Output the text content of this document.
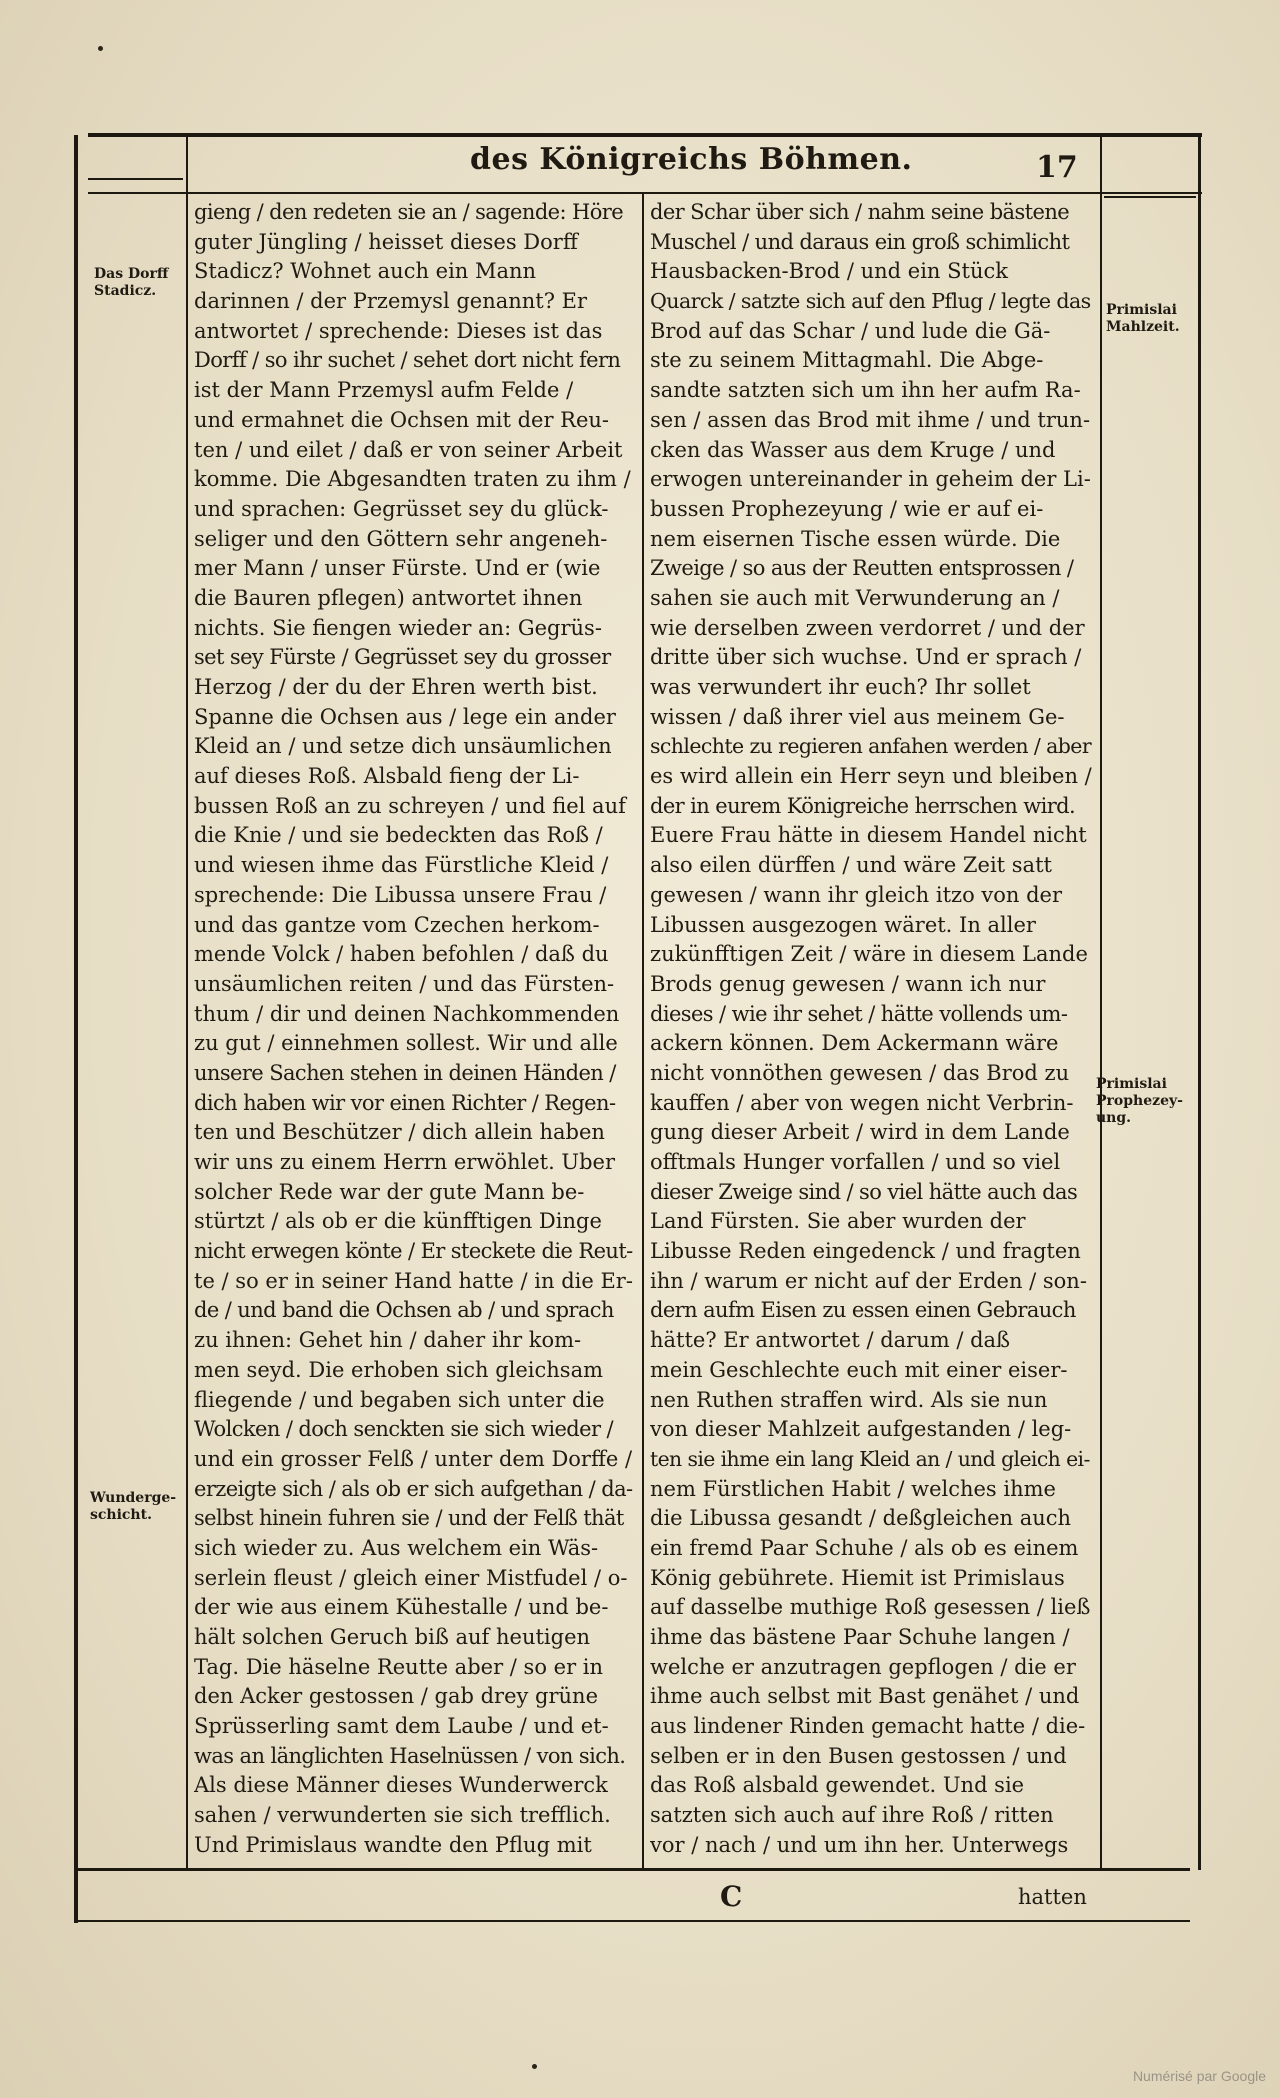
des Königreichs Böhmen.	17
Das Dorff
Stadicz.
Primislai
Mahlzeit.
Primislai
Prophezey-
ung.
Wunderge-
schicht.
gieng / den redeten sie an / sagende: Höre
guter Jüngling / heisset dieses Dorff
Stadicz? Wohnet auch ein Mann
darinnen / der Przemysl genannt? Er
antwortet / sprechende: Dieses ist das
Dorff / so ihr suchet / sehet dort nicht fern
ist der Mann Przemysl aufm Felde /
und ermahnet die Ochsen mit der Reu-
ten / und eilet / daß er von seiner Arbeit
komme. Die Abgesandten traten zu ihm /
und sprachen: Gegrüsset sey du glück-
seliger und den Göttern sehr angeneh-
mer Mann / unser Fürste. Und er (wie
die Bauren pflegen) antwortet ihnen
nichts. Sie fiengen wieder an: Gegrüs-
set sey Fürste / Gegrüsset sey du grosser
Herzog / der du der Ehren werth bist.
Spanne die Ochsen aus / lege ein ander
Kleid an / und setze dich unsäumlichen
auf dieses Roß. Alsbald fieng der Li-
bussen Roß an zu schreyen / und fiel auf
die Knie / und sie bedeckten das Roß /
und wiesen ihme das Fürstliche Kleid /
sprechende: Die Libussa unsere Frau /
und das gantze vom Czechen herkom-
mende Volck / haben befohlen / daß du
unsäumlichen reiten / und das Fürsten-
thum / dir und deinen Nachkommenden
zu gut / einnehmen sollest. Wir und alle
unsere Sachen stehen in deinen Händen /
dich haben wir vor einen Richter / Regen-
ten und Beschützer / dich allein haben
wir uns zu einem Herrn erwöhlet. Uber
solcher Rede war der gute Mann be-
stürtzt / als ob er die künfftigen Dinge
nicht erwegen könte / Er steckete die Reut-
te / so er in seiner Hand hatte / in die Er-
de / und band die Ochsen ab / und sprach
zu ihnen: Gehet hin / daher ihr kom-
men seyd. Die erhoben sich gleichsam
fliegende / und begaben sich unter die
Wolcken / doch senckten sie sich wieder /
und ein grosser Felß / unter dem Dorffe /
erzeigte sich / als ob er sich aufgethan / da-
selbst hinein fuhren sie / und der Felß thät
sich wieder zu. Aus welchem ein Wäs-
serlein fleust / gleich einer Mistfudel / o-
der wie aus einem Kühestalle / und be-
hält solchen Geruch biß auf heutigen
Tag. Die häselne Reutte aber / so er in
den Acker gestossen / gab drey grüne
Sprüsserling samt dem Laube / und et-
was an länglichten Haselnüssen / von sich.
Als diese Männer dieses Wunderwerck
sahen / verwunderten sie sich trefflich.
Und Primislaus wandte den Pflug mit
der Schar über sich / nahm seine bästene
Muschel / und daraus ein groß schimlicht
Hausbacken-Brod / und ein Stück
Quarck / satzte sich auf den Pflug / legte das
Brod auf das Schar / und lude die Gä-
ste zu seinem Mittagmahl. Die Abge-
sandte satzten sich um ihn her aufm Ra-
sen / assen das Brod mit ihme / und trun-
cken das Wasser aus dem Kruge / und
erwogen untereinander in geheim der Li-
bussen Prophezeyung / wie er auf ei-
nem eisernen Tische essen würde. Die
Zweige / so aus der Reutten entsprossen /
sahen sie auch mit Verwunderung an /
wie derselben zween verdorret / und der
dritte über sich wuchse. Und er sprach /
was verwundert ihr euch? Ihr sollet
wissen / daß ihrer viel aus meinem Ge-
schlechte zu regieren anfahen werden / aber
es wird allein ein Herr seyn und bleiben /
der in eurem Königreiche herrschen wird.
Euere Frau hätte in diesem Handel nicht
also eilen dürffen / und wäre Zeit satt
gewesen / wann ihr gleich itzo von der
Libussen ausgezogen wäret. In aller
zukünfftigen Zeit / wäre in diesem Lande
Brods genug gewesen / wann ich nur
dieses / wie ihr sehet / hätte vollends um-
ackern können. Dem Ackermann wäre
nicht vonnöthen gewesen / das Brod zu
kauffen / aber von wegen nicht Verbrin-
gung dieser Arbeit / wird in dem Lande
offtmals Hunger vorfallen / und so viel
dieser Zweige sind / so viel hätte auch das
Land Fürsten. Sie aber wurden der
Libusse Reden eingedenck / und fragten
ihn / warum er nicht auf der Erden / son-
dern aufm Eisen zu essen einen Gebrauch
hätte? Er antwortet / darum / daß
mein Geschlechte euch mit einer eiser-
nen Ruthen straffen wird. Als sie nun
von dieser Mahlzeit aufgestanden / leg-
ten sie ihme ein lang Kleid an / und gleich ei-
nem Fürstlichen Habit / welches ihme
die Libussa gesandt / deßgleichen auch
ein fremd Paar Schuhe / als ob es einem
König gebührete. Hiemit ist Primislaus
auf dasselbe muthige Roß gesessen / ließ
ihme das bästene Paar Schuhe langen /
welche er anzutragen gepflogen / die er
ihme auch selbst mit Bast genähet / und
aus lindener Rinden gemacht hatte / die-
selben er in den Busen gestossen / und
das Roß alsbald gewendet. Und sie
satzten sich auch auf ihre Roß / ritten
vor / nach / und um ihn her. Unterwegs
C	hatten
Numérisé par Google
